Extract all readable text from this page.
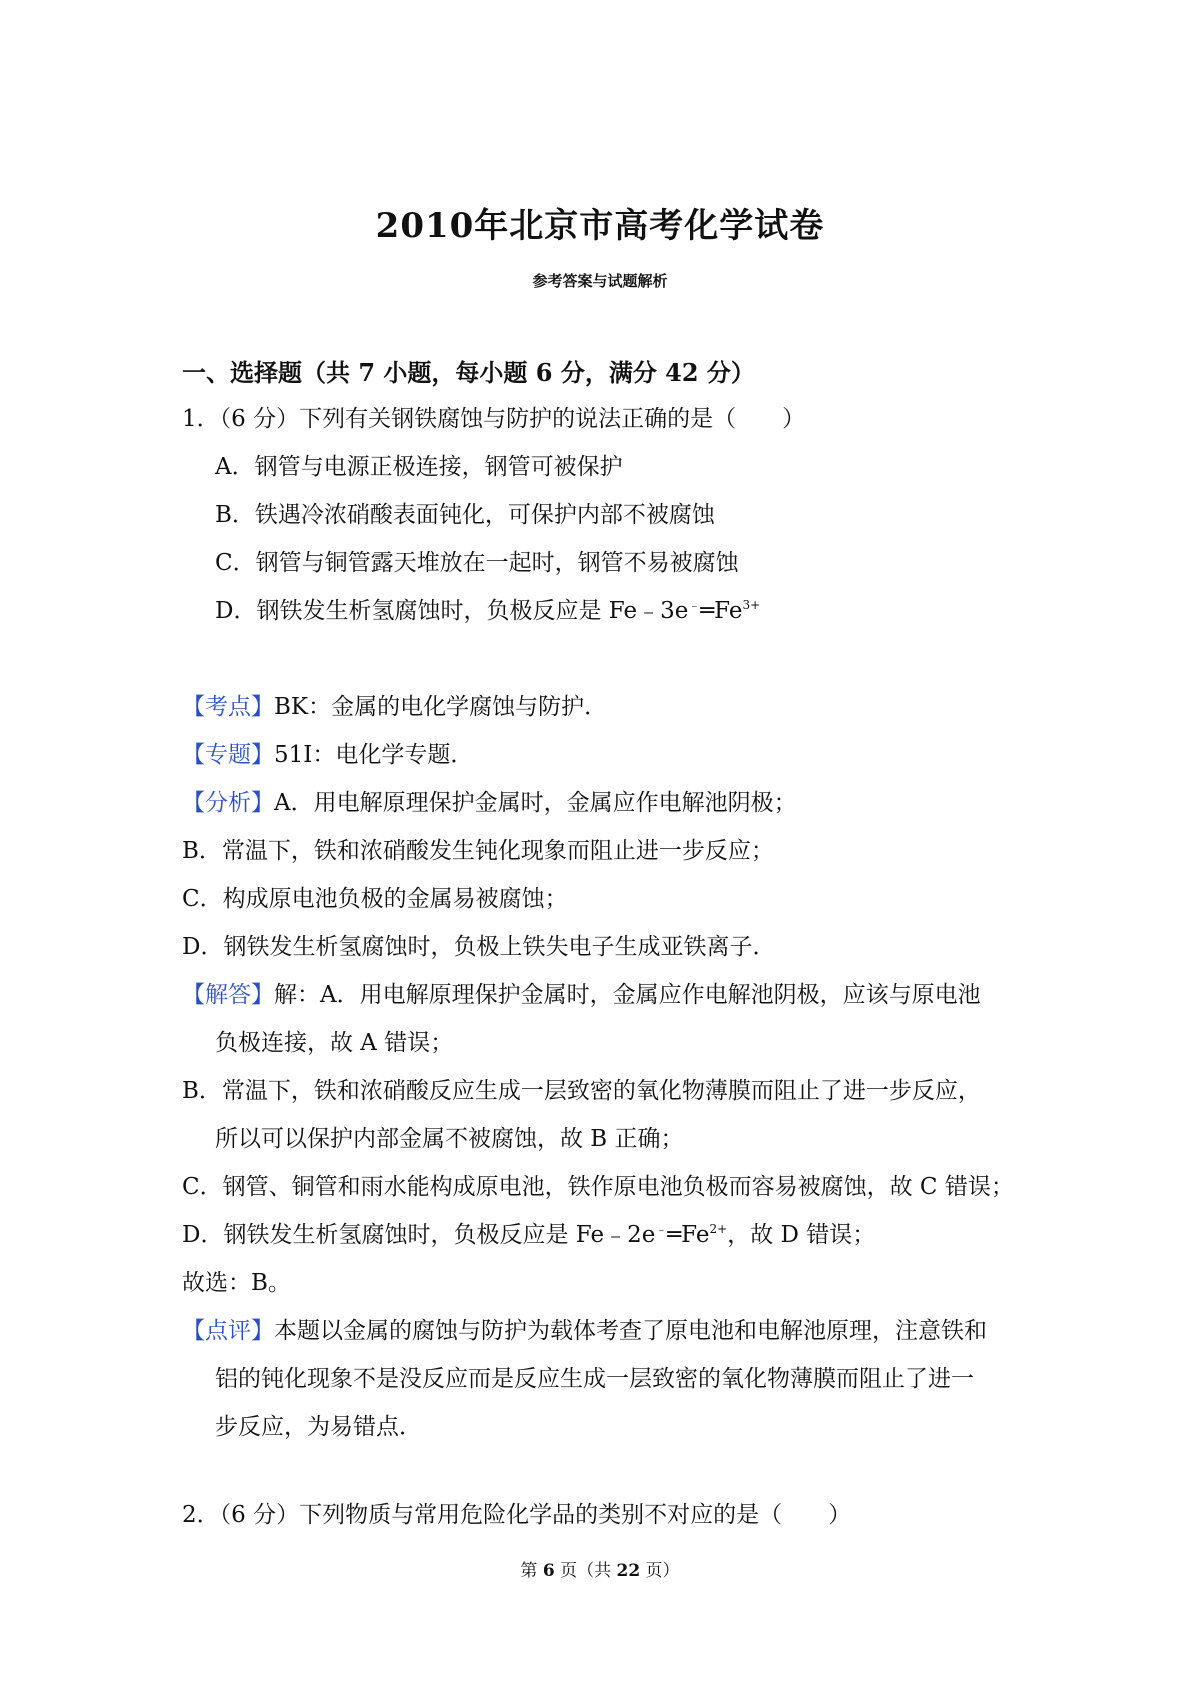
2010年北京市高考化学试卷
参考答案与试题解析
一、选择题（共 7 小题，每小题 6 分，满分 42 分）
1．（6 分）下列有关钢铁腐蚀与防护的说法正确的是（　　）
A．钢管与电源正极连接，钢管可被保护
B．铁遇冷浓硝酸表面钝化，可保护内部不被腐蚀
C．钢管与铜管露天堆放在一起时，钢管不易被腐蚀
D．钢铁发生析氢腐蚀时，负极反应是 $Fe﹣3e^﹣═Fe^{3+}$
【考点】BK：金属的电化学腐蚀与防护．
【专题】51I：电化学专题．
【分析】A．用电解原理保护金属时，金属应作电解池阴极；
B．常温下，铁和浓硝酸发生钝化现象而阻止进一步反应；
C．构成原电池负极的金属易被腐蚀；
D．钢铁发生析氢腐蚀时，负极上铁失电子生成亚铁离子．
【解答】解：A．用电解原理保护金属时，金属应作电解池阴极，应该与原电池
负极连接，故 A 错误；
B．常温下，铁和浓硝酸反应生成一层致密的氧化物薄膜而阻止了进一步反应，
所以可以保护内部金属不被腐蚀，故 B 正确；
C．钢管、铜管和雨水能构成原电池，铁作原电池负极而容易被腐蚀，故 C 错误；
D．钢铁发生析氢腐蚀时，负极反应是 $Fe﹣2e^﹣═Fe^{2+}$，故 D 错误；
故选：B。
【点评】本题以金属的腐蚀与防护为载体考查了原电池和电解池原理，注意铁和
铝的钝化现象不是没反应而是反应生成一层致密的氧化物薄膜而阻止了进一
步反应，为易错点．
2．（6 分）下列物质与常用危险化学品的类别不对应的是（　　）
第 6 页（共 22 页）
